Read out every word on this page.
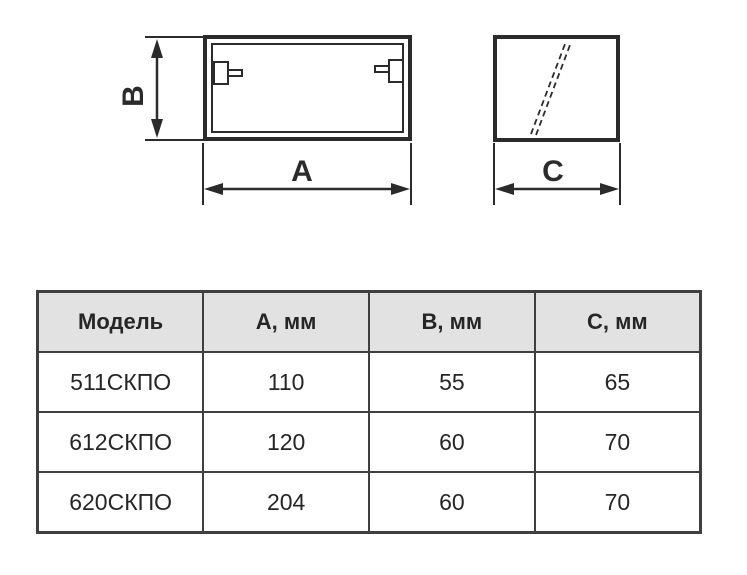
B
A	C
Модель	А, мм	В, мм	С, мм
511СКПО	110	55	65
612СКПО	120	60	70
620СКПО	204	60	70
